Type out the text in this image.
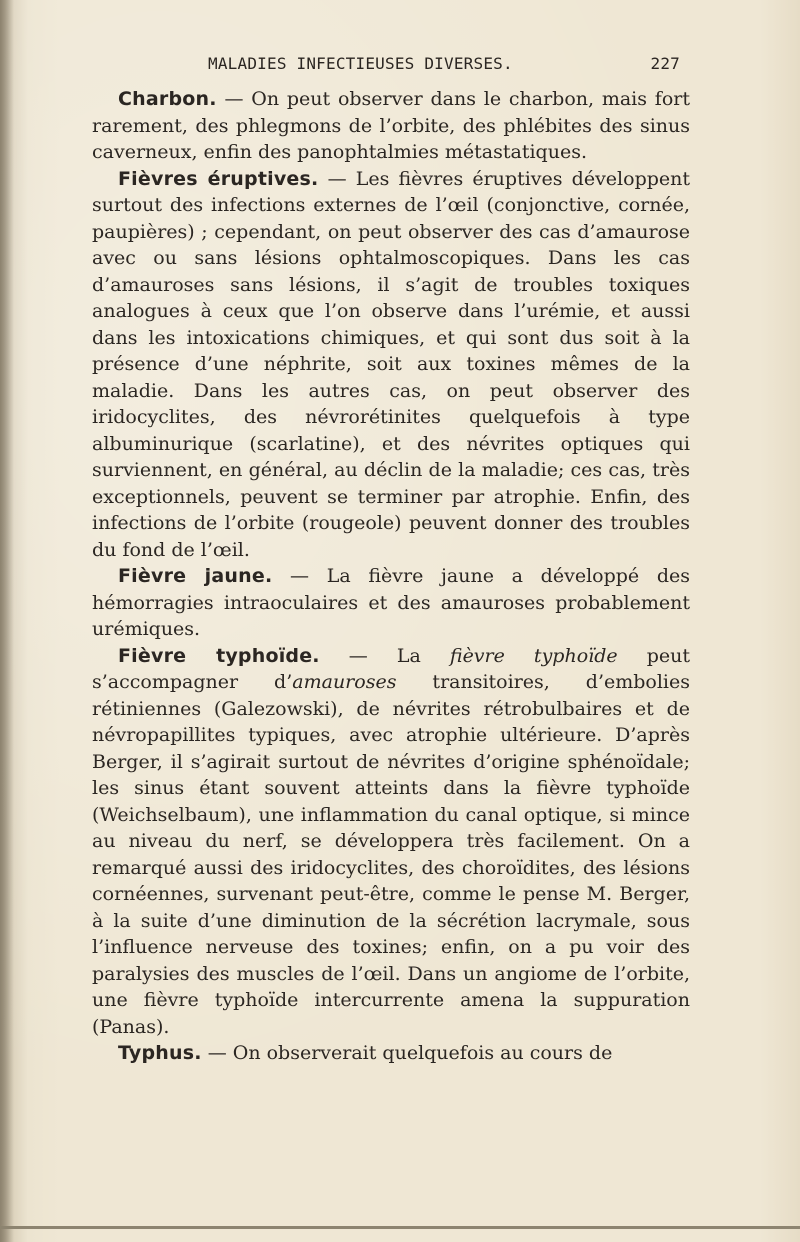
MALADIES INFECTIEUSES DIVERSES.	227

Charbon. — On peut observer dans le charbon, mais fort rarement, des phlegmons de l’orbite, des phlébites des sinus caverneux, enfin des panophtalmies métastatiques.

Fièvres éruptives. — Les fièvres éruptives développent surtout des infections externes de l’œil (conjonctive, cornée, paupières) ; cependant, on peut observer des cas d’amaurose avec ou sans lésions ophtalmoscopiques. Dans les cas d’amauroses sans lésions, il s’agit de troubles toxiques analogues à ceux que l’on observe dans l’urémie, et aussi dans les intoxications chimiques, et qui sont dus soit à la présence d’une néphrite, soit aux toxines mêmes de la maladie. Dans les autres cas, on peut observer des iridocyclites, des névrorétinites quelquefois à type albuminurique (scarlatine), et des névrites optiques qui surviennent, en général, au déclin de la maladie; ces cas, très exceptionnels, peuvent se terminer par atrophie. Enfin, des infections de l’orbite (rougeole) peuvent donner des troubles du fond de l’œil.

Fièvre jaune. — La fièvre jaune a développé des hémorragies intraoculaires et des amauroses probablement urémiques.

Fièvre typhoïde. — La fièvre typhoïde peut s’accompagner d’amauroses transitoires, d’embolies rétiniennes (Galezowski), de névrites rétrobulbaires et de névropapillites typiques, avec atrophie ultérieure. D’après Berger, il s’agirait surtout de névrites d’origine sphénoïdale; les sinus étant souvent atteints dans la fièvre typhoïde (Weichselbaum), une inflammation du canal optique, si mince au niveau du nerf, se développera très facilement. On a remarqué aussi des iridocyclites, des choroïdites, des lésions cornéennes, survenant peut-être, comme le pense M. Berger, à la suite d’une diminution de la sécrétion lacrymale, sous l’influence nerveuse des toxines; enfin, on a pu voir des paralysies des muscles de l’œil. Dans un angiome de l’orbite, une fièvre typhoïde intercurrente amena la suppuration (Panas).

Typhus. — On observerait quelquefois au cours de
